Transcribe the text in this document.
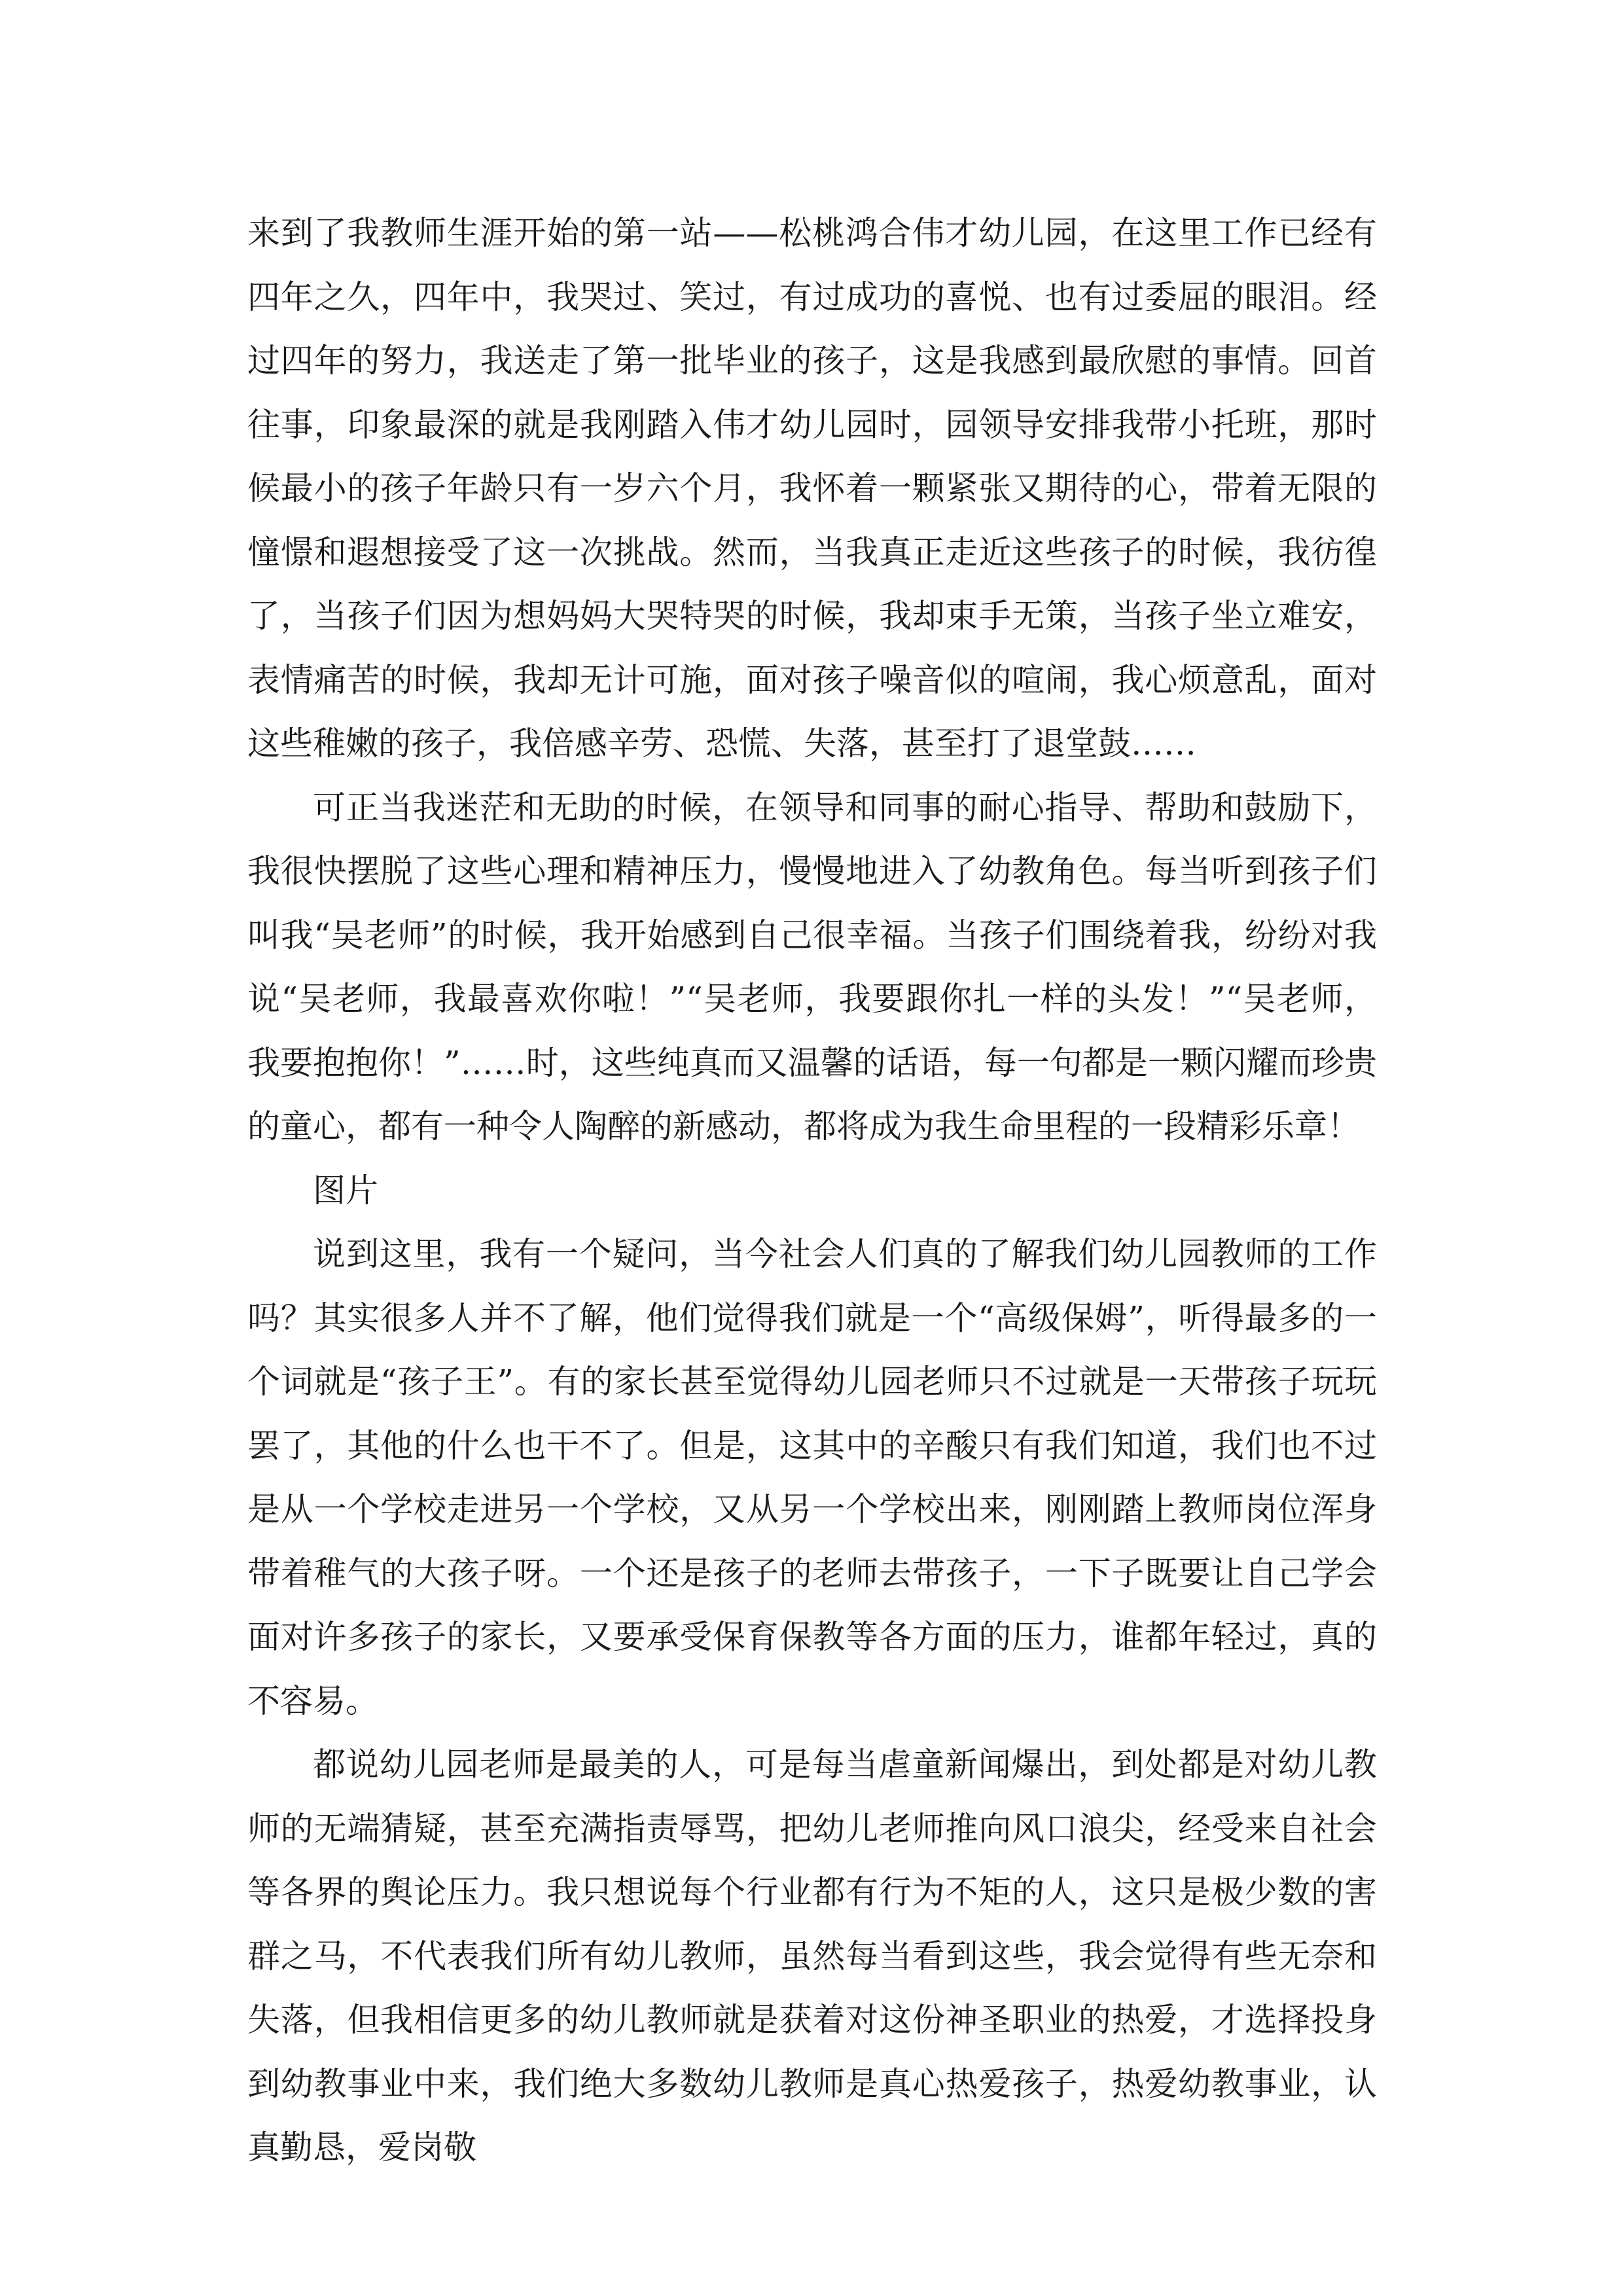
来到了我教师生涯开始的第一站——松桃鸿合伟才幼儿园，在这里工作已经有四年之久，四年中，我哭过、笑过，有过成功的喜悦、也有过委屈的眼泪。经过四年的努力，我送走了第一批毕业的孩子，这是我感到最欣慰的事情。回首往事，印象最深的就是我刚踏入伟才幼儿园时，园领导安排我带小托班，那时候最小的孩子年龄只有一岁六个月，我怀着一颗紧张又期待的心，带着无限的憧憬和遐想接受了这一次挑战。然而，当我真正走近这些孩子的时候，我彷徨了，当孩子们因为想妈妈大哭特哭的时候，我却束手无策，当孩子坐立难安，表情痛苦的时候，我却无计可施，面对孩子噪音似的喧闹，我心烦意乱，面对这些稚嫩的孩子，我倍感辛劳、恐慌、失落，甚至打了退堂鼓……

可正当我迷茫和无助的时候，在领导和同事的耐心指导、帮助和鼓励下，我很快摆脱了这些心理和精神压力，慢慢地进入了幼教角色。每当听到孩子们叫我“吴老师”的时候，我开始感到自己很幸福。当孩子们围绕着我，纷纷对我说“吴老师，我最喜欢你啦！”“吴老师，我要跟你扎一样的头发！”“吴老师，我要抱抱你！”……时，这些纯真而又温馨的话语，每一句都是一颗闪耀而珍贵的童心，都有一种令人陶醉的新感动，都将成为我生命里程的一段精彩乐章！

图片

说到这里，我有一个疑问，当今社会人们真的了解我们幼儿园教师的工作吗？其实很多人并不了解，他们觉得我们就是一个“高级保姆”，听得最多的一个词就是“孩子王”。有的家长甚至觉得幼儿园老师只不过就是一天带孩子玩玩罢了，其他的什么也干不了。但是，这其中的辛酸只有我们知道，我们也不过是从一个学校走进另一个学校，又从另一个学校出来，刚刚踏上教师岗位浑身带着稚气的大孩子呀。一个还是孩子的老师去带孩子，一下子既要让自己学会面对许多孩子的家长，又要承受保育保教等各方面的压力，谁都年轻过，真的不容易。

都说幼儿园老师是最美的人，可是每当虐童新闻爆出，到处都是对幼儿教师的无端猜疑，甚至充满指责辱骂，把幼儿老师推向风口浪尖，经受来自社会等各界的舆论压力。我只想说每个行业都有行为不矩的人，这只是极少数的害群之马，不代表我们所有幼儿教师，虽然每当看到这些，我会觉得有些无奈和失落，但我相信更多的幼儿教师就是获着对这份神圣职业的热爱，才选择投身到幼教事业中来，我们绝大多数幼儿教师是真心热爱孩子，热爱幼教事业，认真勤恳，爱岗敬
